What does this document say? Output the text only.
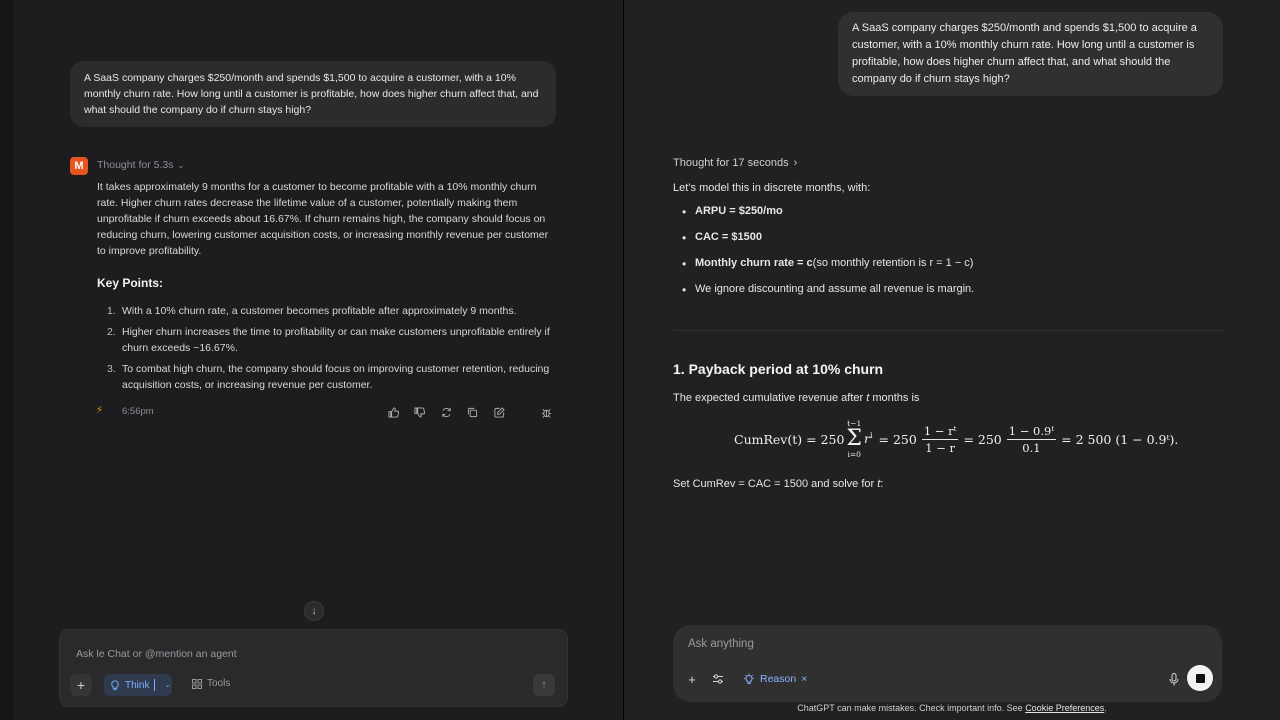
A SaaS company charges $250/month and spends $1,500 to acquire a customer, with a 10% monthly churn rate. How long until a customer is profitable, how does higher churn affect that, and what should the company do if churn stays high?
M	Thought for 5.3s ⌄
It takes approximately 9 months for a customer to become profitable with a 10% monthly churn rate. Higher churn rates decrease the lifetime value of a customer, potentially making them unprofitable if churn exceeds about 16.67%. If churn remains high, the company should focus on reducing churn, lowering customer acquisition costs, or increasing monthly revenue per customer to improve profitability.
Key Points:
1. With a 10% churn rate, a customer becomes profitable after approximately 9 months.
2. Higher churn increases the time to profitability or can make customers unprofitable entirely if churn exceeds ~16.67%.
3. To combat high churn, the company should focus on improving customer retention, reducing acquisition costs, or increasing revenue per customer.
⚡ 6:56pm
↓
Ask le Chat or @mention an agent
+	Think ⌄	Tools	↑
A SaaS company charges $250/month and spends $1,500 to acquire a customer, with a 10% monthly churn rate. How long until a customer is profitable, how does higher churn affect that, and what should the company do if churn stays high?
Thought for 17 seconds ›
Let’s model this in discrete months, with:
• ARPU = $250/mo
• CAC = $1500
• Monthly churn rate = c (so monthly retention is r = 1 − c)
• We ignore discounting and assume all revenue is margin.
1. Payback period at 10% churn
The expected cumulative revenue after t months is
CumRev(t) = 250
t−1
Σ
i=0
$r^i = 250 \frac{\text{1 − rᵗ}}{1 - r} = 250 \frac{\text{1 − 0.9ᵗ}}{0.1} = 2$ 500 (1 − 0.9ᵗ).
Set CumRev = CAC = 1500 and solve for t:
Ask anything
+	Reason ×
ChatGPT can make mistakes. Check important info. See Cookie Preferences.
